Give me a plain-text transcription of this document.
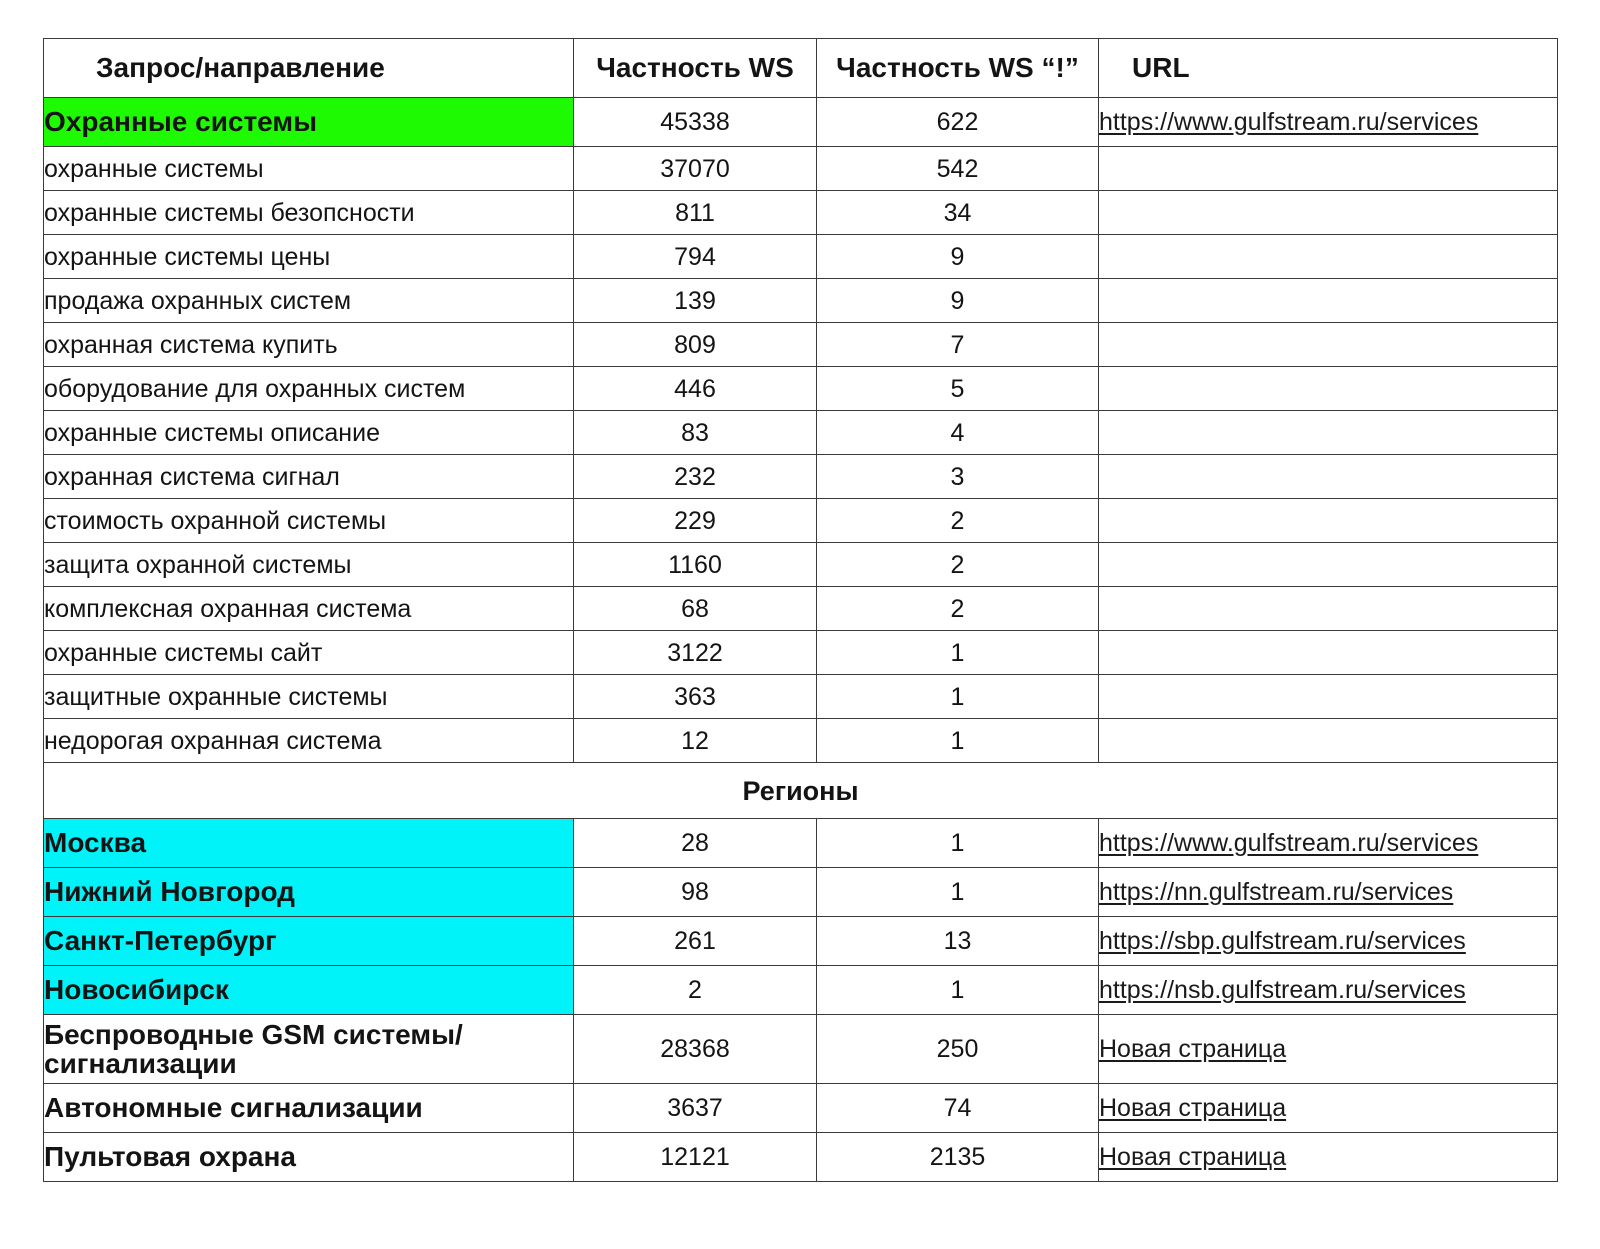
Запрос/направление	Частность WS	Частность WS “!”	URL
Охранные системы	45338	622	https://www.gulfstream.ru/services
охранные системы	37070	542	
охранные системы безопсности	811	34	
охранные системы цены	794	9	
продажа охранных систем	139	9	
охранная система купить	809	7	
оборудование для охранных систем	446	5	
охранные системы описание	83	4	
охранная система сигнал	232	3	
стоимость охранной системы	229	2	
защита охранной системы	1160	2	
комплексная охранная система	68	2	
охранные системы сайт	3122	1	
защитные охранные системы	363	1	
недорогая охранная система	12	1	
Регионы			
Москва	28	1	https://www.gulfstream.ru/services
Нижний Новгород	98	1	https://nn.gulfstream.ru/services
Санкт-Петербург	261	13	https://sbp.gulfstream.ru/services
Новосибирск	2	1	https://nsb.gulfstream.ru/services
Беспроводные GSM системы/ сигнализации	28368	250	Новая страница
Автономные сигнализации	3637	74	Новая страница
Пультовая охрана	12121	2135	Новая страница
